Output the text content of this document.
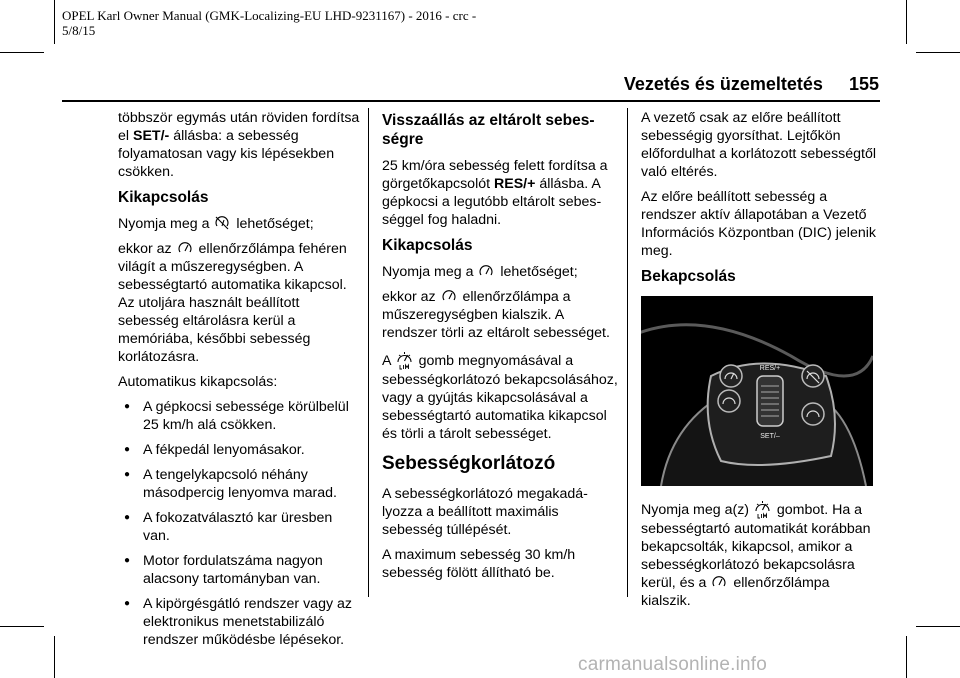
OPEL Karl Owner Manual (GMK-Localizing-EU LHD-9231167) - 2016 - crc -
5/8/15
Vezetés és üzemeltetés 155

többször egymás után röviden fordítsa el SET/- állásba: a sebesség folyamatosan vagy kis lépésekben csökken.

Kikapcsolás

Nyomja meg a  lehetőséget;

ekkor az  ellenőrzőlámpa fehéren világít a műszeregységben. A sebességtartó automatika kikapcsol. Az utoljára használt beállított sebesség eltárolásra kerül a memóriába, későbbi sebesség korlátozásra.

Automatikus kikapcsolás:

● A gépkocsi sebessége körülbelül 25 km/h alá csökken.
● A fékpedál lenyomásakor.
● A tengelykapcsoló néhány másodpercig lenyomva marad.
● A fokozatválasztó kar üresben van.
● Motor fordulatszáma nagyon alacsony tartományban van.
● A kipörgésgátló rendszer vagy az elektronikus menetstabilizáló rendszer működésbe lépésekor.
Visszaállás az eltárolt sebességre

25 km/óra sebesség felett fordítsa a görgetőkapcsolót RES/+ állásba. A gépkocsi a legutóbb eltárolt sebességgel fog haladni.

Kikapcsolás

Nyomja meg a  lehetőséget;

ekkor az  ellenőrzőlámpa a műszeregységben kialszik. A rendszer törli az eltárolt sebességet.

A  gomb megnyomásával a sebességkorlátozó bekapcsolásához, vagy a gyújtás kikapcsolásával a sebességtartó automatika kikapcsol és törli a tárolt sebességet.

Sebességkorlátozó

A sebességkorlátozó megakadályozza a beállított maximális sebesség túllépését.

A maximum sebesség 30 km/h sebesség fölött állítható be.

A vezető csak az előre beállított sebességig gyorsíthat. Lejtőkön előfordulhat a korlátozott sebességtől való eltérés.

Az előre beállított sebesség a rendszer aktív állapotában a Vezető Információs Központban (DIC) jelenik meg.

Bekapcsolás
RES/+
SET/–

Nyomja meg a(z)  gombot. Ha a sebességtartó automatikát korábban bekapcsolták, kikapcsol, amikor a sebességkorlátozó bekapcsolásra kerül, és a  ellenőrzőlámpa kialszik.

carmanualsonline.info
